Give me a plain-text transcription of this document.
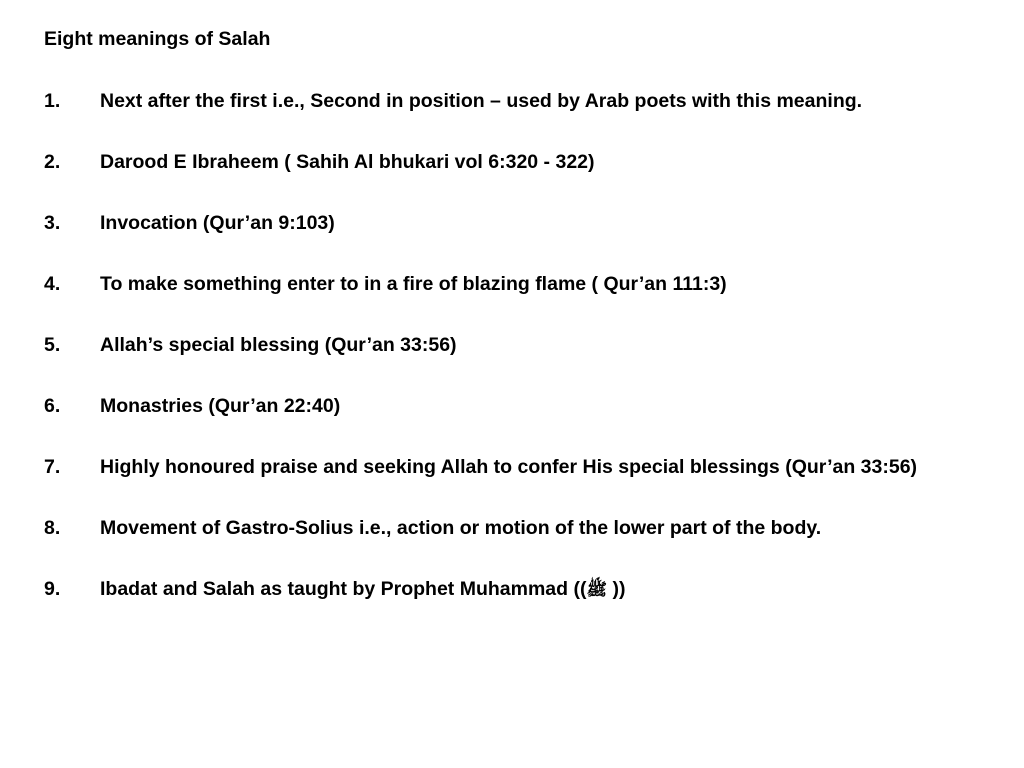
Eight meanings of Salah
1. Next after the first i.e., Second in position – used by Arab poets with this meaning.
2. Darood E Ibraheem ( Sahih Al bhukari vol 6:320 - 322)
3. Invocation (Qur’an 9:103)
4. To make something enter to in a fire of blazing flame ( Qur’an 111:3)
5. Allah’s special blessing (Qur’an 33:56)
6. Monastries (Qur’an 22:40)
7. Highly honoured praise and seeking Allah to confer His special blessings (Qur’an 33:56)
8. Movement of Gastro-Solius i.e., action or motion of the lower part of the body.
9. Ibadat and Salah as taught by Prophet Muhammad ((ﷺ ))
